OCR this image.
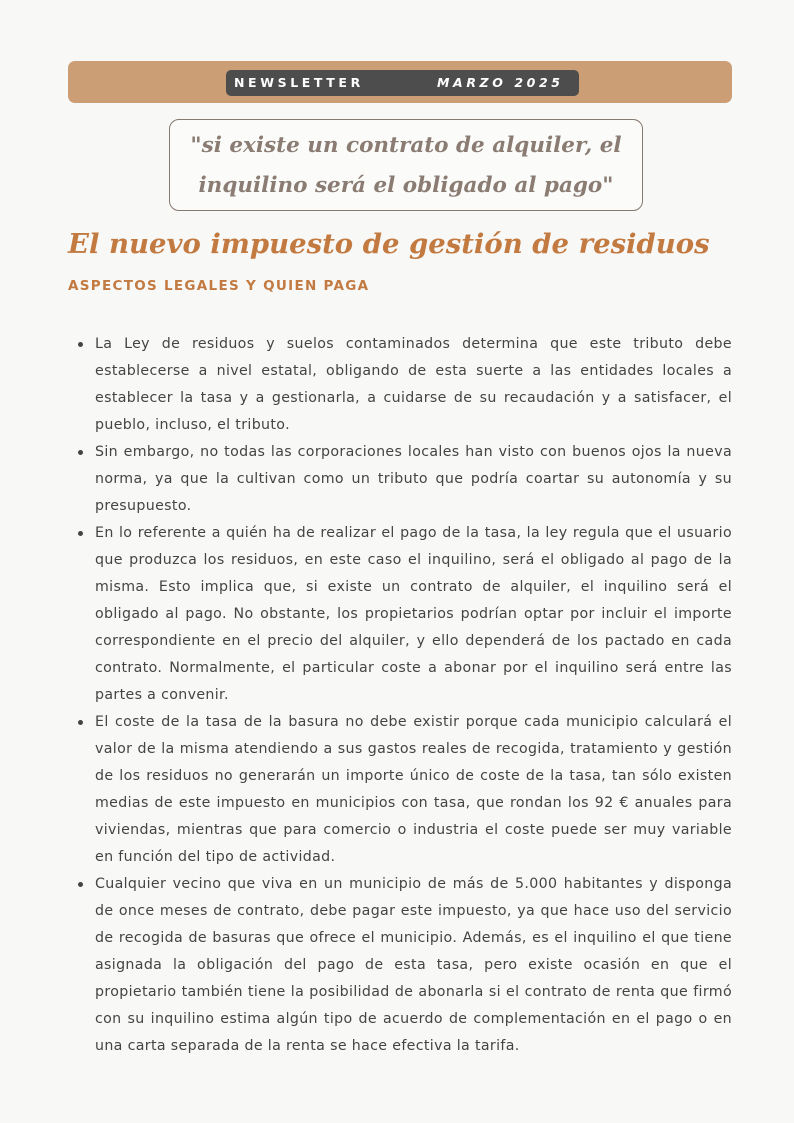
NEWSLETTER	MARZO 2025

"si existe un contrato de alquiler, el
inquilino será el obligado al pago"

El nuevo impuesto de gestión de residuos
ASPECTOS LEGALES Y QUIEN PAGA
La Ley de residuos y suelos contaminados determina que este tributo debe establecerse a nivel estatal, obligando de esta suerte a las entidades locales a establecer la tasa y a gestionarla, a cuidarse de su recaudación y a satisfacer, el pueblo, incluso, el tributo.
Sin embargo, no todas las corporaciones locales han visto con buenos ojos la nueva norma, ya que la cultivan como un tributo que podría coartar su autonomía y su presupuesto.
En lo referente a quién ha de realizar el pago de la tasa, la ley regula que el usuario que produzca los residuos, en este caso el inquilino, será el obligado al pago de la misma. Esto implica que, si existe un contrato de alquiler, el inquilino será el obligado al pago. No obstante, los propietarios podrían optar por incluir el importe correspondiente en el precio del alquiler, y ello dependerá de los pactado en cada contrato. Normalmente, el particular coste a abonar por el inquilino será entre las partes a convenir.
El coste de la tasa de la basura no debe existir porque cada municipio calculará el valor de la misma atendiendo a sus gastos reales de recogida, tratamiento y gestión de los residuos no generarán un importe único de coste de la tasa, tan sólo existen medias de este impuesto en municipios con tasa, que rondan los 92 € anuales para viviendas, mientras que para comercio o industria el coste puede ser muy variable en función del tipo de actividad.
Cualquier vecino que viva en un municipio de más de 5.000 habitantes y disponga de once meses de contrato, debe pagar este impuesto, ya que hace uso del servicio de recogida de basuras que ofrece el municipio. Además, es el inquilino el que tiene asignada la obligación del pago de esta tasa, pero existe ocasión en que el propietario también tiene la posibilidad de abonarla si el contrato de renta que firmó con su inquilino estima algún tipo de acuerdo de complementación en el pago o en una carta separada de la renta se hace efectiva la tarifa.
